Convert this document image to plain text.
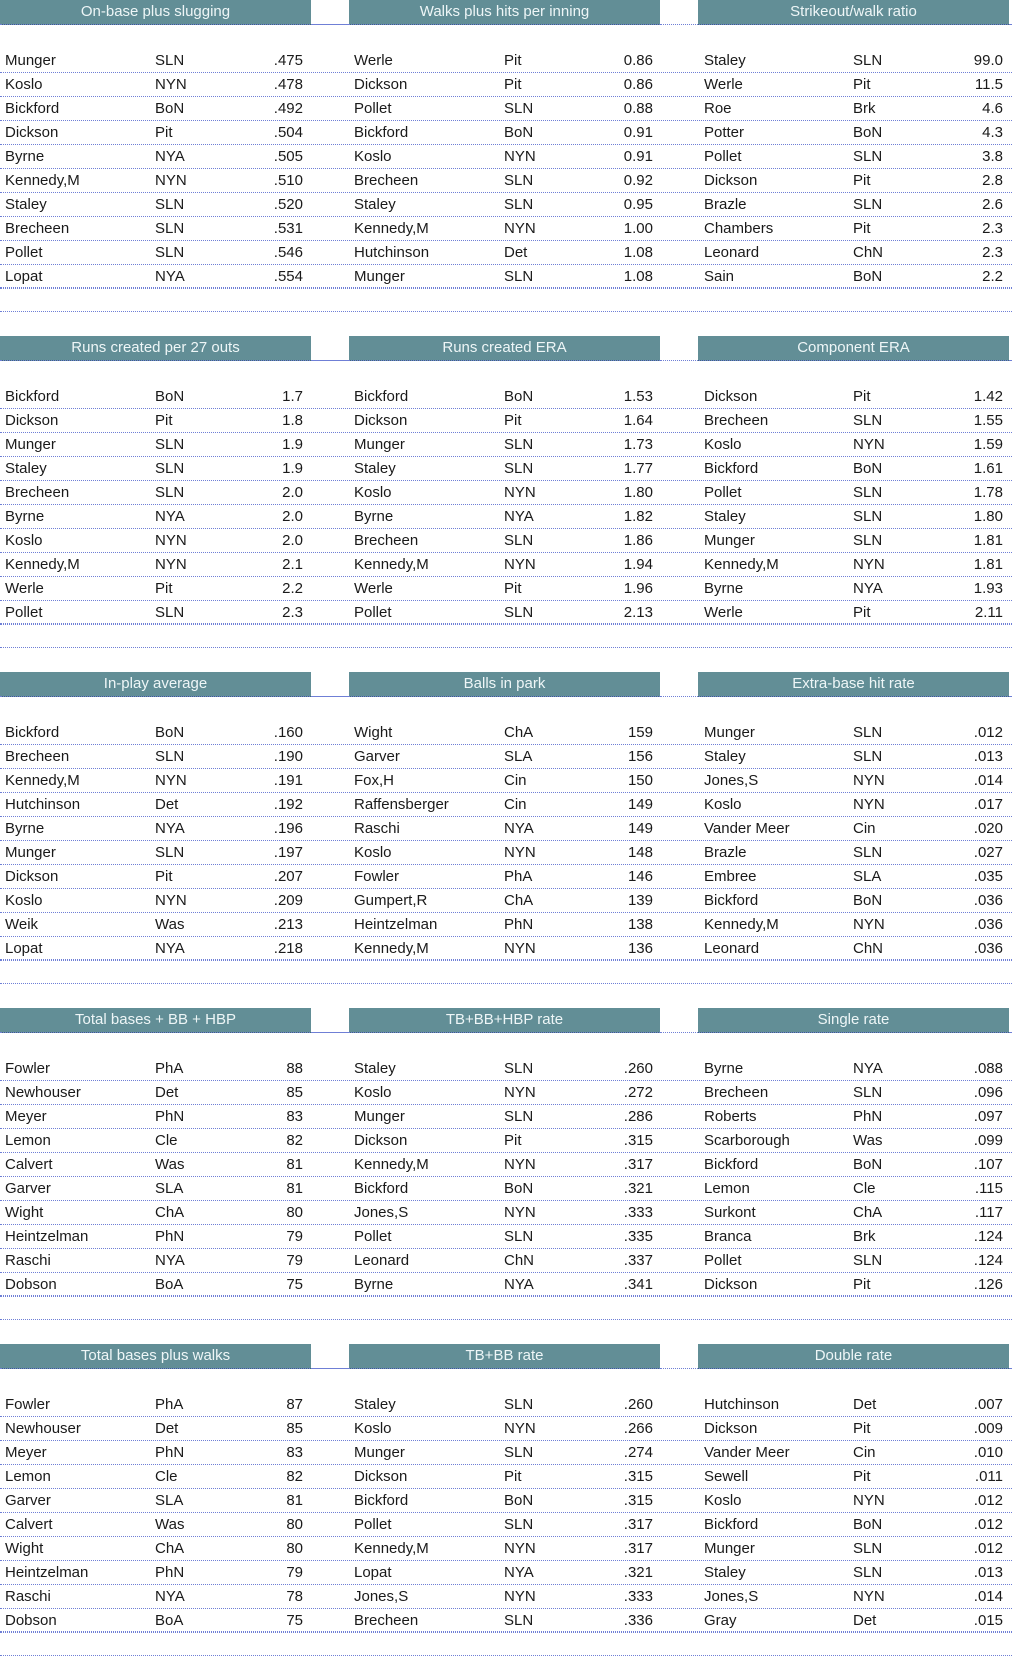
On-base plus slugging	Walks plus hits per inning	Strikeout/walk ratio
Munger	SLN	.475	Werle	Pit	0.86	Staley	SLN	99.0
Koslo	NYN	.478	Dickson	Pit	0.86	Werle	Pit	11.5
Bickford	BoN	.492	Pollet	SLN	0.88	Roe	Brk	4.6
Dickson	Pit	.504	Bickford	BoN	0.91	Potter	BoN	4.3
Byrne	NYA	.505	Koslo	NYN	0.91	Pollet	SLN	3.8
Kennedy,M	NYN	.510	Brecheen	SLN	0.92	Dickson	Pit	2.8
Staley	SLN	.520	Staley	SLN	0.95	Brazle	SLN	2.6
Brecheen	SLN	.531	Kennedy,M	NYN	1.00	Chambers	Pit	2.3
Pollet	SLN	.546	Hutchinson	Det	1.08	Leonard	ChN	2.3
Lopat	NYA	.554	Munger	SLN	1.08	Sain	BoN	2.2
Runs created per 27 outs	Runs created ERA	Component ERA
Bickford	BoN	1.7	Bickford	BoN	1.53	Dickson	Pit	1.42
Dickson	Pit	1.8	Dickson	Pit	1.64	Brecheen	SLN	1.55
Munger	SLN	1.9	Munger	SLN	1.73	Koslo	NYN	1.59
Staley	SLN	1.9	Staley	SLN	1.77	Bickford	BoN	1.61
Brecheen	SLN	2.0	Koslo	NYN	1.80	Pollet	SLN	1.78
Byrne	NYA	2.0	Byrne	NYA	1.82	Staley	SLN	1.80
Koslo	NYN	2.0	Brecheen	SLN	1.86	Munger	SLN	1.81
Kennedy,M	NYN	2.1	Kennedy,M	NYN	1.94	Kennedy,M	NYN	1.81
Werle	Pit	2.2	Werle	Pit	1.96	Byrne	NYA	1.93
Pollet	SLN	2.3	Pollet	SLN	2.13	Werle	Pit	2.11
In-play average	Balls in park	Extra-base hit rate
Bickford	BoN	.160	Wight	ChA	159	Munger	SLN	.012
Brecheen	SLN	.190	Garver	SLA	156	Staley	SLN	.013
Kennedy,M	NYN	.191	Fox,H	Cin	150	Jones,S	NYN	.014
Hutchinson	Det	.192	Raffensberger	Cin	149	Koslo	NYN	.017
Byrne	NYA	.196	Raschi	NYA	149	Vander Meer	Cin	.020
Munger	SLN	.197	Koslo	NYN	148	Brazle	SLN	.027
Dickson	Pit	.207	Fowler	PhA	146	Embree	SLA	.035
Koslo	NYN	.209	Gumpert,R	ChA	139	Bickford	BoN	.036
Weik	Was	.213	Heintzelman	PhN	138	Kennedy,M	NYN	.036
Lopat	NYA	.218	Kennedy,M	NYN	136	Leonard	ChN	.036
Total bases + BB + HBP	TB+BB+HBP rate	Single rate
Fowler	PhA	88	Staley	SLN	.260	Byrne	NYA	.088
Newhouser	Det	85	Koslo	NYN	.272	Brecheen	SLN	.096
Meyer	PhN	83	Munger	SLN	.286	Roberts	PhN	.097
Lemon	Cle	82	Dickson	Pit	.315	Scarborough	Was	.099
Calvert	Was	81	Kennedy,M	NYN	.317	Bickford	BoN	.107
Garver	SLA	81	Bickford	BoN	.321	Lemon	Cle	.115
Wight	ChA	80	Jones,S	NYN	.333	Surkont	ChA	.117
Heintzelman	PhN	79	Pollet	SLN	.335	Branca	Brk	.124
Raschi	NYA	79	Leonard	ChN	.337	Pollet	SLN	.124
Dobson	BoA	75	Byrne	NYA	.341	Dickson	Pit	.126
Total bases plus walks	TB+BB rate	Double rate
Fowler	PhA	87	Staley	SLN	.260	Hutchinson	Det	.007
Newhouser	Det	85	Koslo	NYN	.266	Dickson	Pit	.009
Meyer	PhN	83	Munger	SLN	.274	Vander Meer	Cin	.010
Lemon	Cle	82	Dickson	Pit	.315	Sewell	Pit	.011
Garver	SLA	81	Bickford	BoN	.315	Koslo	NYN	.012
Calvert	Was	80	Pollet	SLN	.317	Bickford	BoN	.012
Wight	ChA	80	Kennedy,M	NYN	.317	Munger	SLN	.012
Heintzelman	PhN	79	Lopat	NYA	.321	Staley	SLN	.013
Raschi	NYA	78	Jones,S	NYN	.333	Jones,S	NYN	.014
Dobson	BoA	75	Brecheen	SLN	.336	Gray	Det	.015
